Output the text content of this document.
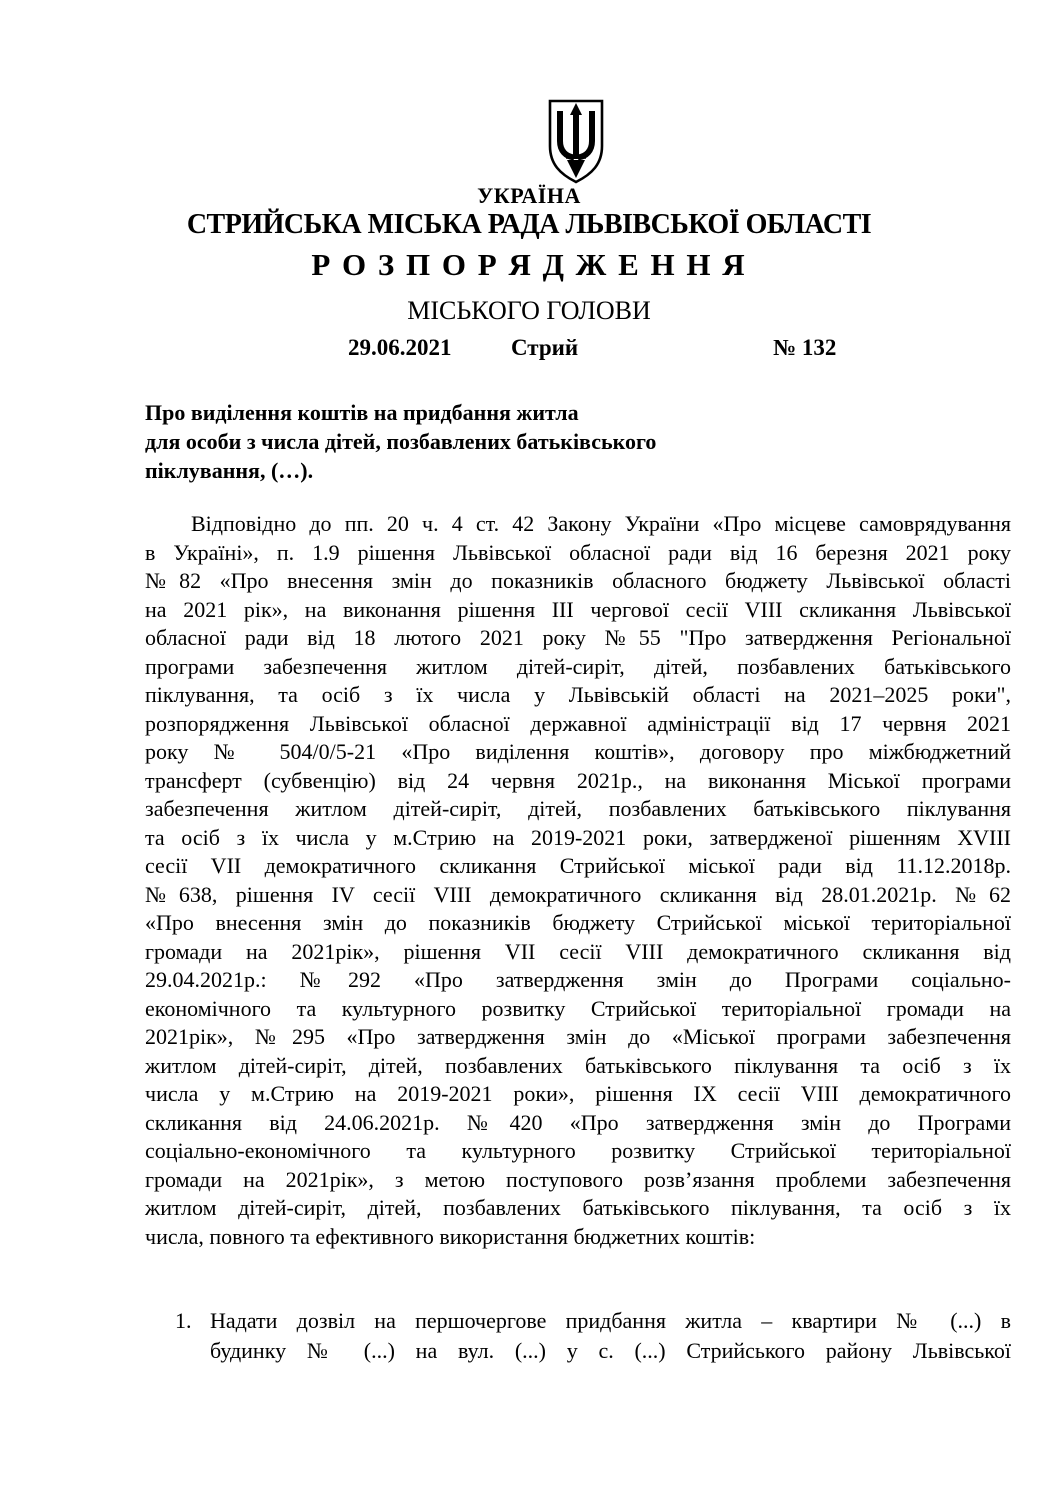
УКРАЇНА
СТРИЙСЬКА МІСЬКА РАДА ЛЬВІВСЬКОЇ ОБЛАСТІ
Р О З П О Р Я Д Ж Е Н Н Я
МІСЬКОГО ГОЛОВИ
29.06.2021	Стрий	№ 132
Про виділення коштів на придбання житла
для особи з числа дітей, позбавлених батьківського
піклування, (…).
Відповідно до пп. 20 ч. 4 ст. 42 Закону України «Про місцеве самоврядування
в Україні», п. 1.9 рішення Львівської обласної ради від 16 березня 2021 року
№82 «Про внесення змін до показників обласного бюджету Львівської області
на 2021 рік», на виконання рішення ІІІ чергової сесії VIII скликання Львівської
обласної ради від 18 лютого 2021 року №55 "Про затвердження Регіональної
програми забезпечення житлом дітей-сиріт, дітей, позбавлених батьківського
піклування, та осіб з їх числа у Львівській області на 2021–2025 роки",
розпорядження Львівської обласної державної адміністрації від 17 червня 2021
року № 504/0/5-21 «Про виділення коштів», договору про міжбюджетний
трансферт (субвенцію) від 24 червня 2021р., на виконання Міської програми
забезпечення житлом дітей-сиріт, дітей, позбавлених батьківського піклування
та осіб з їх числа у м.Стрию на 2019-2021 роки, затвердженої рішенням XVIII
сесії VII демократичного скликання Стрийської міської ради від 11.12.2018р.
№638, рішення IV сесії VIII демократичного скликання від 28.01.2021р. №62
«Про внесення змін до показників бюджету Стрийської міської територіальної
громади на 2021рік», рішення VII сесії VIII демократичного скликання від
29.04.2021р.: №292 «Про затвердження змін до Програми соціально-
економічного та культурного розвитку Стрийської територіальної громади на
2021рік», №295 «Про затвердження змін до «Міської програми забезпечення
житлом дітей-сиріт, дітей, позбавлених батьківського піклування та осіб з їх
числа у м.Стрию на 2019-2021 роки», рішення IX сесії VIII демократичного
скликання від 24.06.2021р. №420 «Про затвердження змін до Програми
соціально-економічного та культурного розвитку Стрийської територіальної
громади на 2021рік», з метою поступового розв’язання проблеми забезпечення
житлом дітей-сиріт, дітей, позбавлених батьківського піклування, та осіб з їх
числа, повного та ефективного використання бюджетних коштів:
1. Надати дозвіл на першочергове придбання житла – квартири № (...) в
будинку № (...) на вул. (...) у с. (...) Стрийського району Львівської
